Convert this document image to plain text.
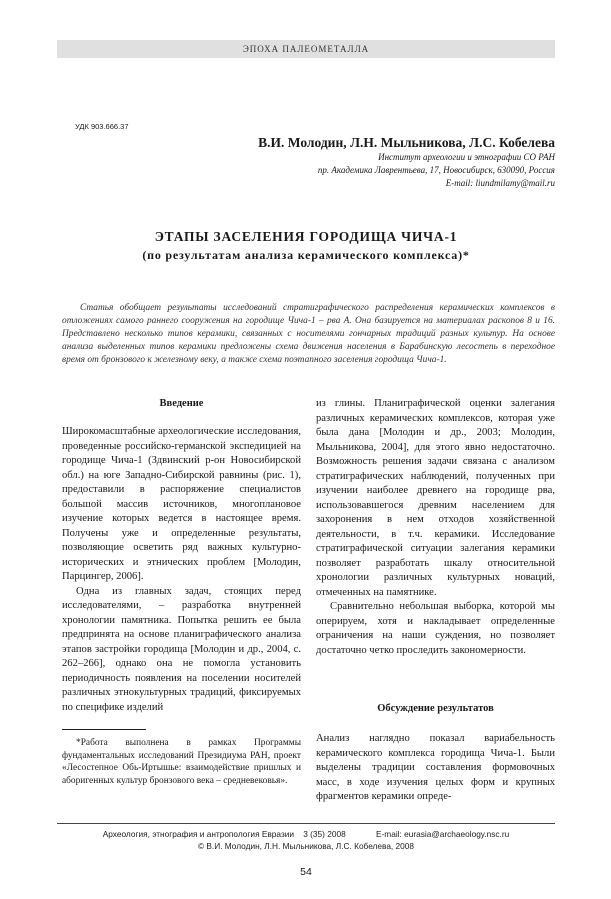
ЭПОХА ПАЛЕОМЕТАЛЛА
УДК 903.666.37
В.И. Молодин, Л.Н. Мыльникова, Л.С. Кобелева
Институт археологии и этнографии СО РАН
пр. Академика Лаврентьева, 17, Новосибирск, 630090, Россия
E-mail: liundmilamy@mail.ru
ЭТАПЫ ЗАСЕЛЕНИЯ ГОРОДИЩА ЧИЧА-1
(по результатам анализа керамического комплекса)*
Статья обобщает результаты исследований стратиграфического распределения керамических комплексов в отложениях самого раннего сооружения на городище Чича-1 – рва А. Она базируется на материалах раскопов 8 и 16. Представлено несколько типов керамики, связанных с носителями гончарных традиций разных культур. На основе анализа выделенных типов керамики предложены схема движения населения в Барабинскую лесостепь в переходное время от бронзового к железному веку, а также схема поэтапного заселения городища Чича-1.
Введение

Широкомасштабные археологические исследования, проведенные российско-германской экспедицией на городище Чича-1 (Здвинский р-он Новосибирской обл.) на юге Западно-Сибирской равнины (рис. 1), предоставили в распоряжение специалистов большой массив источников, многоплановое изучение которых ведется в настоящее время. Получены уже и определенные результаты, позволяющие осветить ряд важных культурно-исторических и этнических проблем [Молодин, Парцингер, 2006].

Одна из главных задач, стоящих перед исследователями, – разработка внутренней хронологии памятника. Попытка решить ее была предпринята на основе планиграфического анализа этапов застройки городища [Молодин и др., 2004, с. 262–266], однако она не помогла установить периодичность появления на поселении носителей различных этнокультурных традиций, фиксируемых по специфике изделий

*Работа выполнена в рамках Программы фундаментальных исследований Президиума РАН, проект «Лесостепное Обь-Иртышье: взаимодействие пришлых и аборигенных культур бронзового века – средневековья».

из глины. Планиграфической оценки залегания различных керамических комплексов, которая уже была дана [Молодин и др., 2003; Молодин, Мыльникова, 2004], для этого явно недостаточно. Возможность решения задачи связана с анализом стратиграфических наблюдений, полученных при изучении наиболее древнего на городище рва, использовавшегося древним населением для захоронения в нем отходов хозяйственной деятельности, в т.ч. керамики. Исследование стратиграфической ситуации залегания керамики позволяет разработать шкалу относительной хронологии различных культурных новаций, отмеченных на памятнике.

Сравнительно небольшая выборка, которой мы оперируем, хотя и накладывает определенные ограничения на наши суждения, но позволяет достаточно четко проследить закономерности.

Обсуждение результатов

Анализ наглядно показал вариабельность керамического комплекса городища Чича-1. Были выделены традиции составления формовочных масс, в ходе изучения целых форм и крупных фрагментов керамики опреде-

Археология, этнография и антропология Евразии 3 (35) 2008	E-mail: eurasia@archaeology.nsc.ru
© В.И. Молодин, Л.Н. Мыльникова, Л.С. Кобелева, 2008
54
